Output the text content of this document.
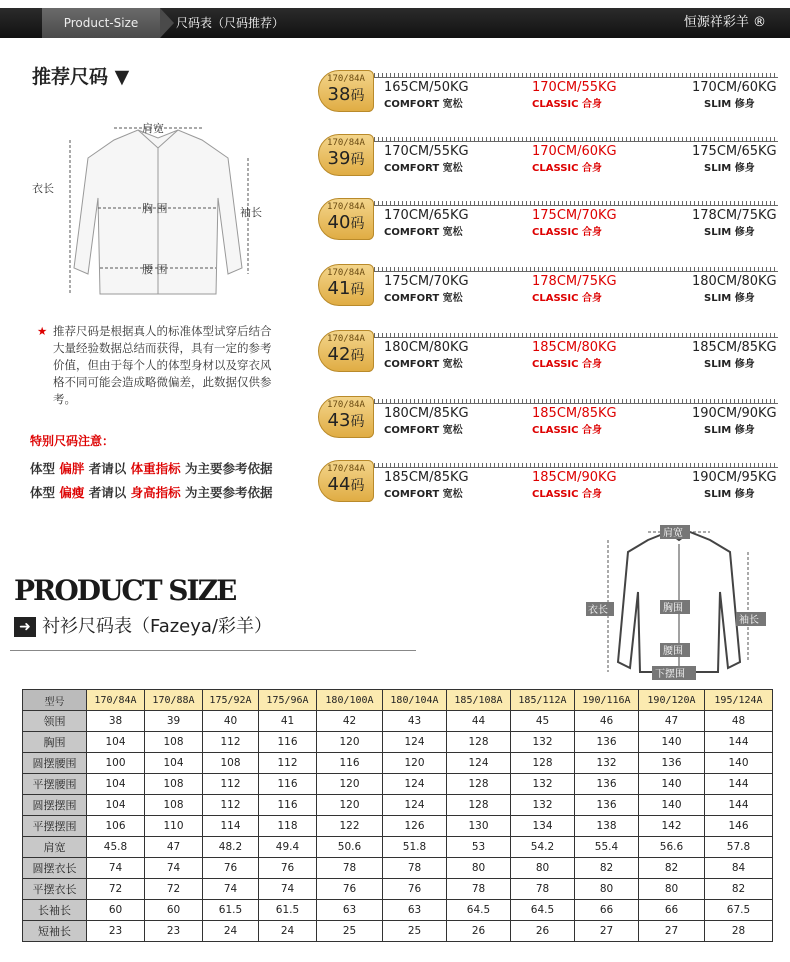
Product-Size	尺码表（尺码推荐）	恒源祥彩羊 ®
推荐尺码 ▼
肩宽
衣长
胸 围	袖长
腰 围
★ 推荐尺码是根据真人的标准体型试穿后结合大量经验数据总结而获得，具有一定的参考价值，但由于每个人的体型身材以及穿衣风格不同可能会造成略微偏差，此数据仅供参考。
特别尺码注意：
体型 偏胖 者请以 体重指标 为主要参考依据
体型 偏瘦 者请以 身高指标 为主要参考依据
170/84A
38码
165CM/50KG
COMFORT 宽松
170CM/55KG
CLASSIC 合身
170CM/60KG
SLIM 修身
170/84A
39码
170CM/55KG
COMFORT 宽松
170CM/60KG
CLASSIC 合身
175CM/65KG
SLIM 修身
170/84A
40码
170CM/65KG
COMFORT 宽松
175CM/70KG
CLASSIC 合身
178CM/75KG
SLIM 修身
170/84A
41码
175CM/70KG
COMFORT 宽松
178CM/75KG
CLASSIC 合身
180CM/80KG
SLIM 修身
170/84A
42码
180CM/80KG
COMFORT 宽松
185CM/80KG
CLASSIC 合身
185CM/85KG
SLIM 修身
170/84A
43码
180CM/85KG
COMFORT 宽松
185CM/85KG
CLASSIC 合身
190CM/90KG
SLIM 修身
170/84A
44码
185CM/85KG
COMFORT 宽松
185CM/90KG
CLASSIC 合身
190CM/95KG
SLIM 修身
PRODUCT SIZE
➜ 衬衫尺码表（Fazeya/彩羊）
肩宽
衣长	胸围
袖长
腰围
下摆围
型号	170/84A	170/88A	175/92A	175/96A	180/100A	180/104A	185/108A	185/112A	190/116A	190/120A	195/124A
领围	38	39	40	41	42	43	44	45	46	47	48
胸围	104	108	112	116	120	124	128	132	136	140	144
圆摆腰围	100	104	108	112	116	120	124	128	132	136	140
平摆腰围	104	108	112	116	120	124	128	132	136	140	144
圆摆摆围	104	108	112	116	120	124	128	132	136	140	144
平摆摆围	106	110	114	118	122	126	130	134	138	142	146
肩宽	45.8	47	48.2	49.4	50.6	51.8	53	54.2	55.4	56.6	57.8
圆摆衣长	74	74	76	76	78	78	80	80	82	82	84
平摆衣长	72	72	74	74	76	76	78	78	80	80	82
长袖长	60	60	61.5	61.5	63	63	64.5	64.5	66	66	67.5
短袖长	23	23	24	24	25	25	26	26	27	27	28
